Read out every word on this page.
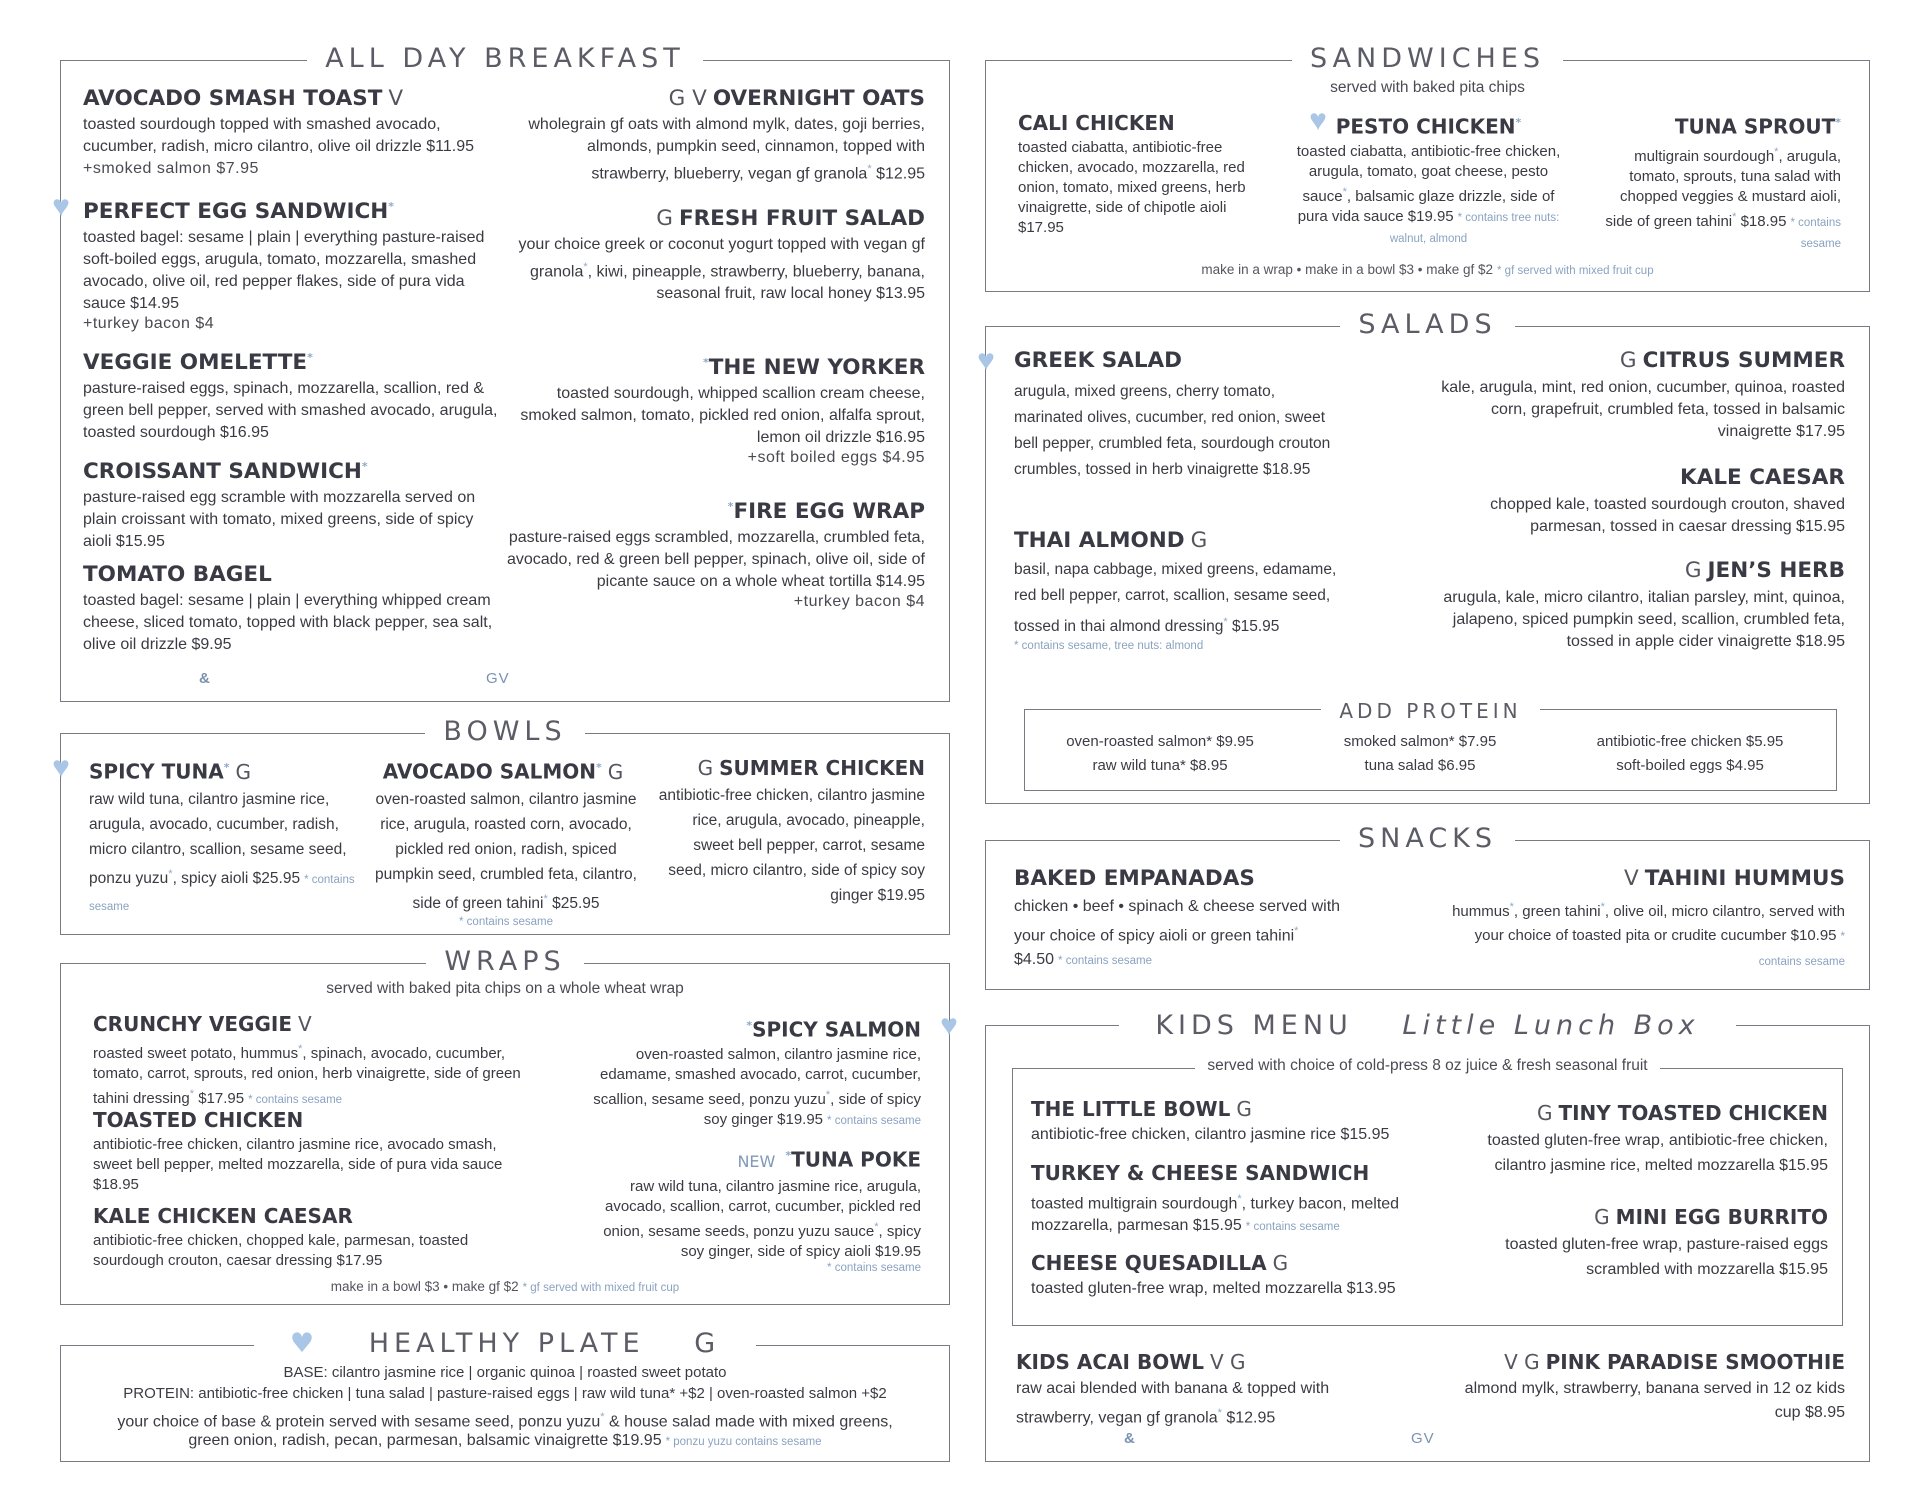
ALL DAY BREAKFAST
AVOCADO SMASH TOAST V
toasted sourdough topped with smashed avocado, cucumber, radish, micro cilantro, olive oil drizzle $11.95 +smoked salmon $7.95
♥ PERFECT EGG SANDWICH*
toasted bagel: sesame | plain | everything pasture-raised soft-boiled eggs, arugula, tomato, mozzarella, smashed avocado, olive oil, red pepper flakes, side of pura vida sauce $14.95
+turkey bacon $4
VEGGIE OMELETTE*
pasture-raised eggs, spinach, mozzarella, scallion, red & green bell pepper, served with smashed avocado, arugula, toasted sourdough $16.95
CROISSANT SANDWICH*
pasture-raised egg scramble with mozzarella served on plain croissant with tomato, mixed greens, side of spicy aioli $15.95
TOMATO BAGEL
toasted bagel: sesame | plain | everything whipped cream cheese, sliced tomato, topped with black pepper, sea salt, olive oil drizzle $9.95
G V OVERNIGHT OATS
wholegrain gf oats with almond mylk, dates, goji berries, almonds, pumpkin seed, cinnamon, topped with strawberry, blueberry, vegan gf granola* $12.95
G FRESH FRUIT SALAD
your choice greek or coconut yogurt topped with vegan gf granola*, kiwi, pineapple, strawberry, blueberry, banana, seasonal fruit, raw local honey $13.95
*THE NEW YORKER
toasted sourdough, whipped scallion cream cheese, smoked salmon, tomato, pickled red onion, alfalfa sprout, lemon oil drizzle $16.95
+soft boiled eggs $4.95
*FIRE EGG WRAP
pasture-raised eggs scrambled, mozzarella, crumbled feta, avocado, red & green bell pepper, spinach, olive oil, side of picante sauce on a whole wheat tortilla $14.95
+turkey bacon $4
&	GV
BOWLS
♥ SPICY TUNA* G
raw wild tuna, cilantro jasmine rice, arugula, avocado, cucumber, radish, micro cilantro, scallion, sesame seed, ponzu yuzu*, spicy aioli $25.95 * contains sesame
AVOCADO SALMON* G
oven-roasted salmon, cilantro jasmine rice, arugula, roasted corn, avocado, pickled red onion, radish, spiced pumpkin seed, crumbled feta, cilantro, side of green tahini* $25.95
* contains sesame
G SUMMER CHICKEN
antibiotic-free chicken, cilantro jasmine rice, arugula, avocado, pineapple, sweet bell pepper, carrot, sesame seed, micro cilantro, side of spicy soy ginger $19.95
WRAPS
served with baked pita chips on a whole wheat wrap
CRUNCHY VEGGIE V
roasted sweet potato, hummus*, spinach, avocado, cucumber, tomato, carrot, sprouts, red onion, herb vinaigrette, side of green tahini dressing* $17.95 * contains sesame
TOASTED CHICKEN
antibiotic-free chicken, cilantro jasmine rice, avocado smash, sweet bell pepper, melted mozzarella, side of pura vida sauce $18.95
KALE CHICKEN CAESAR
antibiotic-free chicken, chopped kale, parmesan, toasted sourdough crouton, caesar dressing $17.95
♥
*SPICY SALMON
oven-roasted salmon, cilantro jasmine rice, edamame, smashed avocado, carrot, cucumber, scallion, sesame seed, ponzu yuzu*, side of spicy soy ginger $19.95 * contains sesame
NEW *TUNA POKE
raw wild tuna, cilantro jasmine rice, arugula, avocado, scallion, carrot, cucumber, pickled red onion, sesame seeds, ponzu yuzu sauce*, spicy soy ginger, side of spicy aioli $19.95
* contains sesame
make in a bowl $3 • make gf $2 * gf served with mixed fruit cup
♥ HEALTHY PLATE G
BASE: cilantro jasmine rice | organic quinoa | roasted sweet potato
PROTEIN: antibiotic-free chicken | tuna salad | pasture-raised eggs | raw wild tuna* +$2 | oven-roasted salmon +$2
your choice of base & protein served with sesame seed, ponzu yuzu* & house salad made with mixed greens, green onion, radish, pecan, parmesan, balsamic vinaigrette $19.95 * ponzu yuzu contains sesame
SANDWICHES
served with baked pita chips
CALI CHICKEN
toasted ciabatta, antibiotic-free chicken, avocado, mozzarella, red onion, tomato, mixed greens, herb vinaigrette, side of chipotle aioli $17.95
♥ PESTO CHICKEN*
toasted ciabatta, antibiotic-free chicken, arugula, tomato, goat cheese, pesto sauce*, balsamic glaze drizzle, side of pura vida sauce $19.95 * contains tree nuts: walnut, almond
TUNA SPROUT*
multigrain sourdough*, arugula, tomato, sprouts, tuna salad with chopped veggies & mustard aioli, side of green tahini* $18.95 * contains sesame
make in a wrap • make in a bowl $3 • make gf $2 * gf served with mixed fruit cup
SALADS
♥ GREEK SALAD
arugula, mixed greens, cherry tomato, marinated olives, cucumber, red onion, sweet bell pepper, crumbled feta, sourdough crouton crumbles, tossed in herb vinaigrette $18.95
THAI ALMOND G
basil, napa cabbage, mixed greens, edamame, red bell pepper, carrot, scallion, sesame seed, tossed in thai almond dressing* $15.95
* contains sesame, tree nuts: almond
G CITRUS SUMMER
kale, arugula, mint, red onion, cucumber, quinoa, roasted corn, grapefruit, crumbled feta, tossed in balsamic vinaigrette $17.95
KALE CAESAR
chopped kale, toasted sourdough crouton, shaved parmesan, tossed in caesar dressing $15.95
G JEN’S HERB
arugula, kale, micro cilantro, italian parsley, mint, quinoa, jalapeno, spiced pumpkin seed, scallion, crumbled feta, tossed in apple cider vinaigrette $18.95
ADD PROTEIN
oven-roasted salmon* $9.95
raw wild tuna* $8.95
smoked salmon* $7.95
tuna salad $6.95
antibiotic-free chicken $5.95
soft-boiled eggs $4.95
SNACKS
BAKED EMPANADAS
chicken • beef • spinach & cheese served with your choice of spicy aioli or green tahini* $4.50 * contains sesame
V TAHINI HUMMUS
hummus*, green tahini*, olive oil, micro cilantro, served with your choice of toasted pita or crudite cucumber $10.95 * contains sesame
KIDS MENU Little Lunch Box
served with choice of cold-press 8 oz juice & fresh seasonal fruit
THE LITTLE BOWL G
antibiotic-free chicken, cilantro jasmine rice $15.95
TURKEY & CHEESE SANDWICH
toasted multigrain sourdough*, turkey bacon, melted mozzarella, parmesan $15.95 * contains sesame
CHEESE QUESADILLA G
toasted gluten-free wrap, melted mozzarella $13.95
G TINY TOASTED CHICKEN
toasted gluten-free wrap, antibiotic-free chicken, cilantro jasmine rice, melted mozzarella $15.95
G MINI EGG BURRITO
toasted gluten-free wrap, pasture-raised eggs scrambled with mozzarella $15.95
KIDS ACAI BOWL V G
raw acai blended with banana & topped with strawberry, vegan gf granola* $12.95
V G PINK PARADISE SMOOTHIE
almond mylk, strawberry, banana served in 12 oz kids cup $8.95
&	GV
